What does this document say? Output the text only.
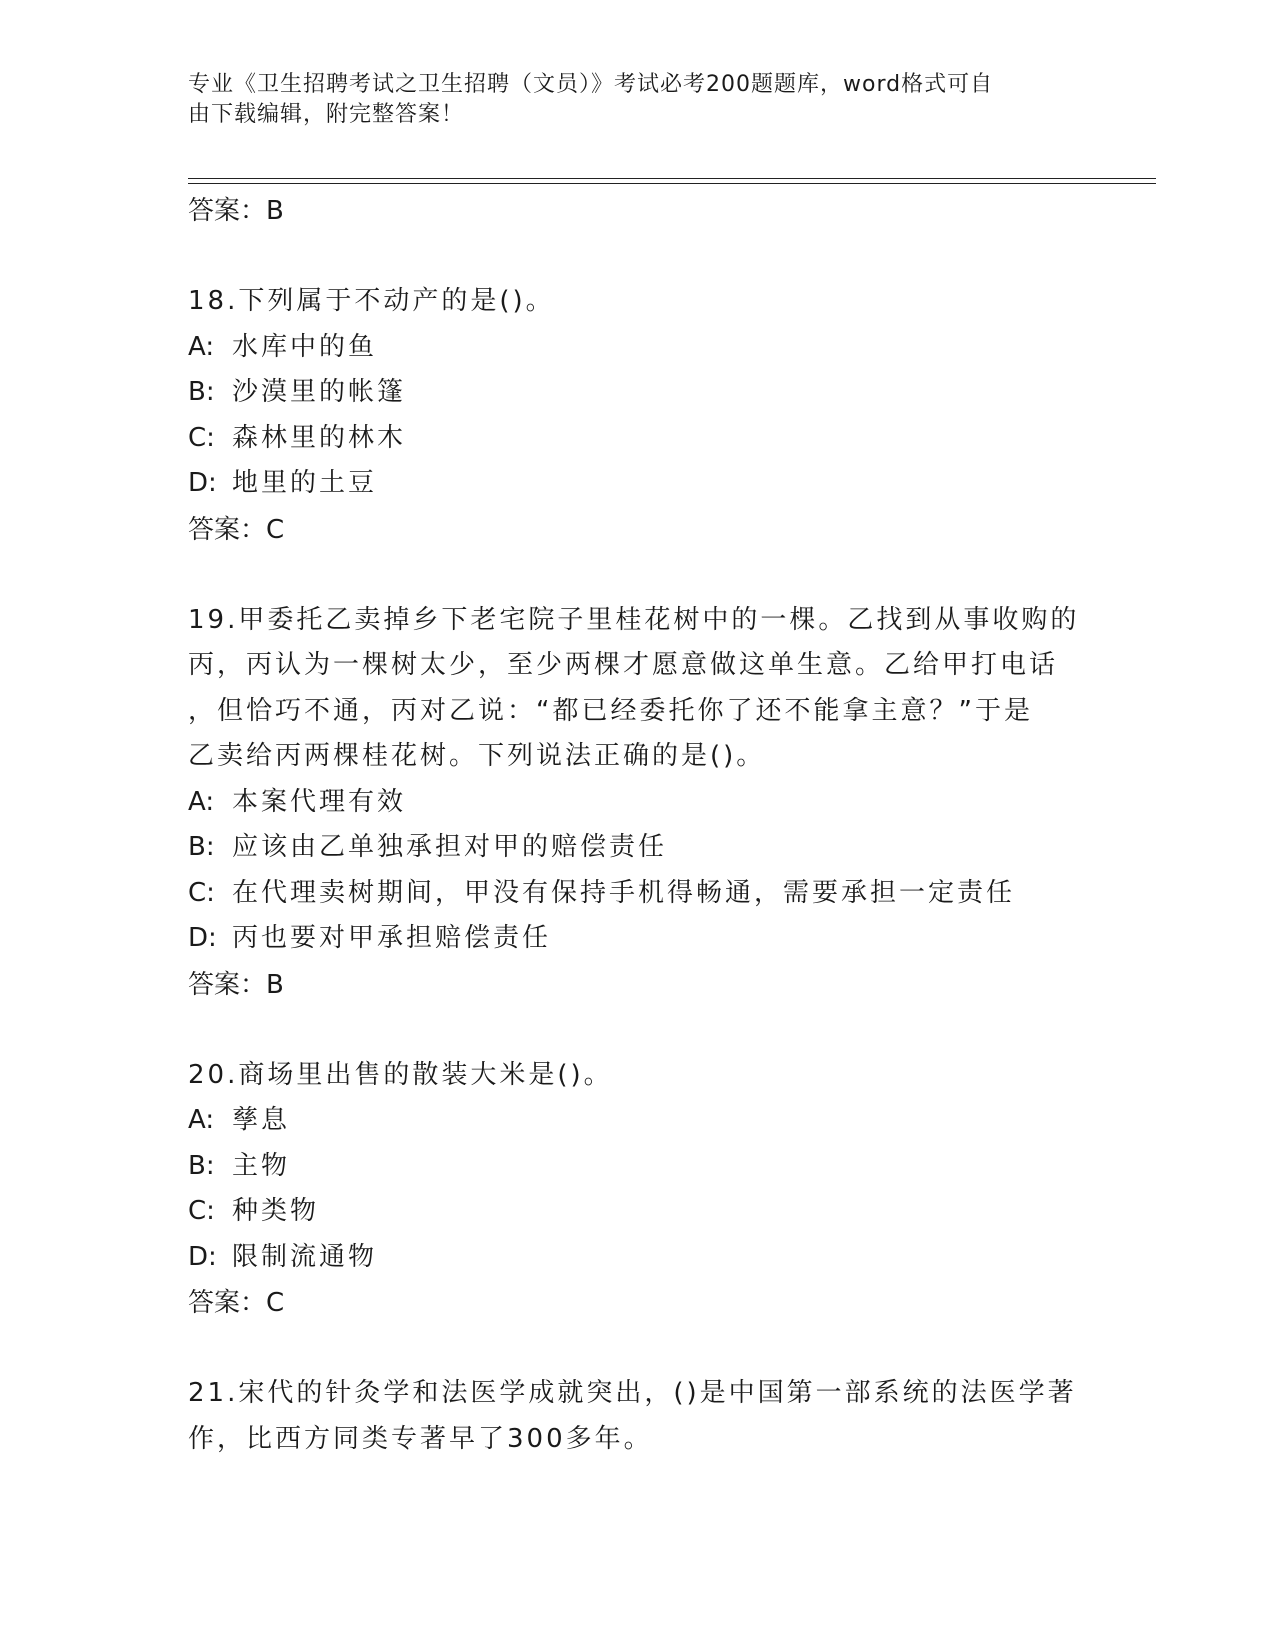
专业《卫生招聘考试之卫生招聘（文员）》考试必考200题题库，word格式可自
由下载编辑，附完整答案！
答案：B
18.下列属于不动产的是()。
A: 水库中的鱼
B: 沙漠里的帐篷
C: 森林里的林木
D: 地里的土豆
答案：C
19.甲委托乙卖掉乡下老宅院子里桂花树中的一棵。乙找到从事收购的
丙，丙认为一棵树太少，至少两棵才愿意做这单生意。乙给甲打电话
，但恰巧不通，丙对乙说：“都已经委托你了还不能拿主意？”于是
乙卖给丙两棵桂花树。下列说法正确的是()。
A: 本案代理有效
B: 应该由乙单独承担对甲的赔偿责任
C: 在代理卖树期间，甲没有保持手机得畅通，需要承担一定责任
D: 丙也要对甲承担赔偿责任
答案：B
20.商场里出售的散装大米是()。
A: 孳息
B: 主物
C: 种类物
D: 限制流通物
答案：C
21.宋代的针灸学和法医学成就突出，()是中国第一部系统的法医学著
作，比西方同类专著早了300多年。
